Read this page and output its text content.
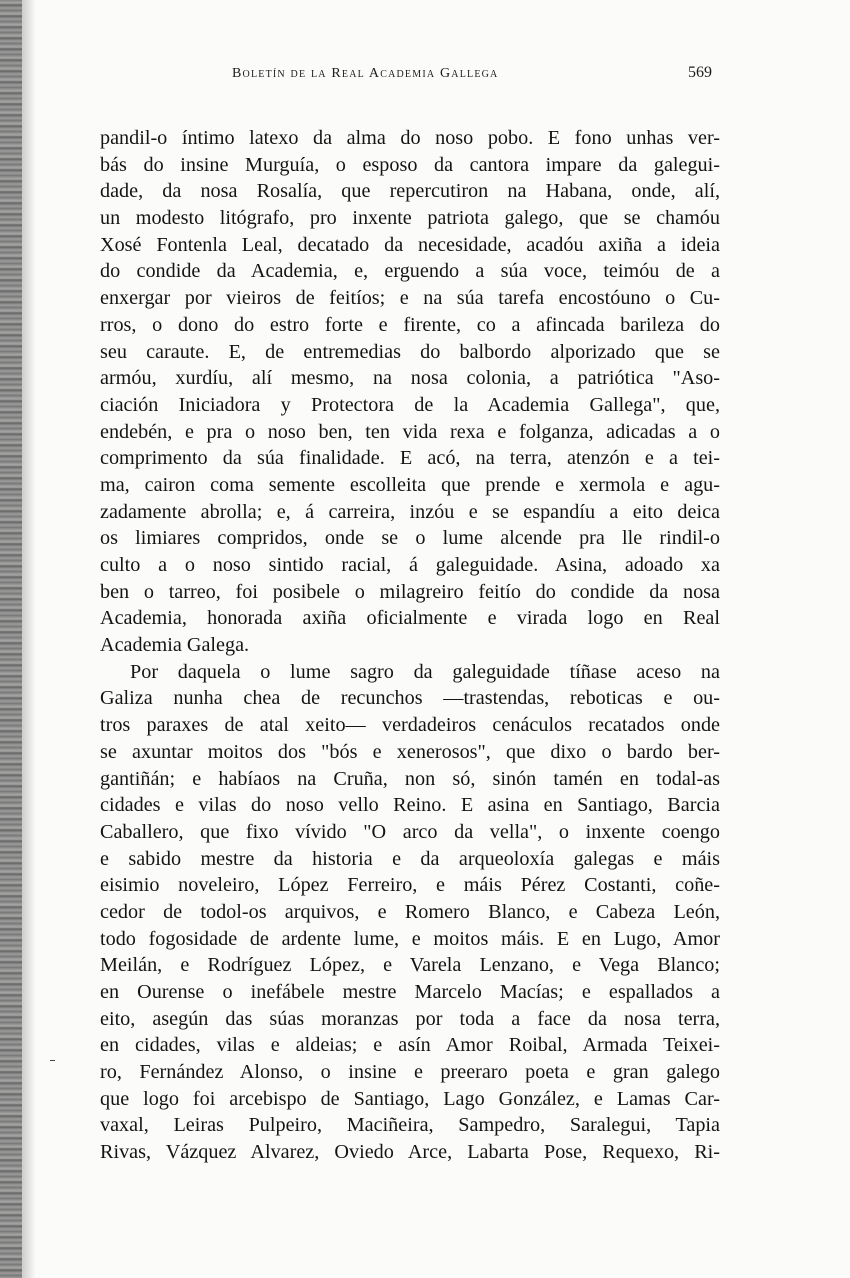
Boletín de la Real Academia Gallega	569
pandil-o íntimo latexo da alma do noso pobo. E fono unhas ver-
bás do insine Murguía, o esposo da cantora impare da galegui-
dade, da nosa Rosalía, que repercutiron na Habana, onde, alí,
un modesto litógrafo, pro inxente patriota galego, que se chamóu
Xosé Fontenla Leal, decatado da necesidade, acadóu axiña a ideia
do condide da Academia, e, erguendo a súa voce, teimóu de a
enxergar por vieiros de feitíos; e na súa tarefa encostóuno o Cu-
rros, o dono do estro forte e firente, co a afincada barileza do
seu caraute. E, de entremedias do balbordo alporizado que se
armóu, xurdíu, alí mesmo, na nosa colonia, a patriótica "Aso-
ciación Iniciadora y Protectora de la Academia Gallega", que,
endebén, e pra o noso ben, ten vida rexa e folganza, adicadas a o
comprimento da súa finalidade. E acó, na terra, atenzón e a tei-
ma, cairon coma semente escolleita que prende e xermola e agu-
zadamente abrolla; e, á carreira, inzóu e se espandíu a eito deica
os limiares compridos, onde se o lume alcende pra lle rindil-o
culto a o noso sintido racial, á galeguidade. Asina, adoado xa
ben o tarreo, foi posibele o milagreiro feitío do condide da nosa
Academia, honorada axiña oficialmente e virada logo en Real
Academia Galega.
Por daquela o lume sagro da galeguidade tíñase aceso na
Galiza nunha chea de recunchos —trastendas, reboticas e ou-
tros paraxes de atal xeito— verdadeiros cenáculos recatados onde
se axuntar moitos dos "bós e xenerosos", que dixo o bardo ber-
gantiñán; e habíaos na Cruña, non só, sinón tamén en todal-as
cidades e vilas do noso vello Reino. E asina en Santiago, Barcia
Caballero, que fixo vívido "O arco da vella", o inxente coengo
e sabido mestre da historia e da arqueoloxía galegas e máis
eisimio noveleiro, López Ferreiro, e máis Pérez Costanti, coñe-
cedor de todol-os arquivos, e Romero Blanco, e Cabeza León,
todo fogosidade de ardente lume, e moitos máis. E en Lugo, Amor
Meilán, e Rodríguez López, e Varela Lenzano, e Vega Blanco;
en Ourense o inefábele mestre Marcelo Macías; e espallados a
eito, asegún das súas moranzas por toda a face da nosa terra,
en cidades, vilas e aldeias; e asín Amor Roibal, Armada Teixei-
ro, Fernández Alonso, o insine e preeraro poeta e gran galego
que logo foi arcebispo de Santiago, Lago González, e Lamas Car-
vaxal, Leiras Pulpeiro, Maciñeira, Sampedro, Saralegui, Tapia
Rivas, Vázquez Alvarez, Oviedo Arce, Labarta Pose, Requexo, Ri-
